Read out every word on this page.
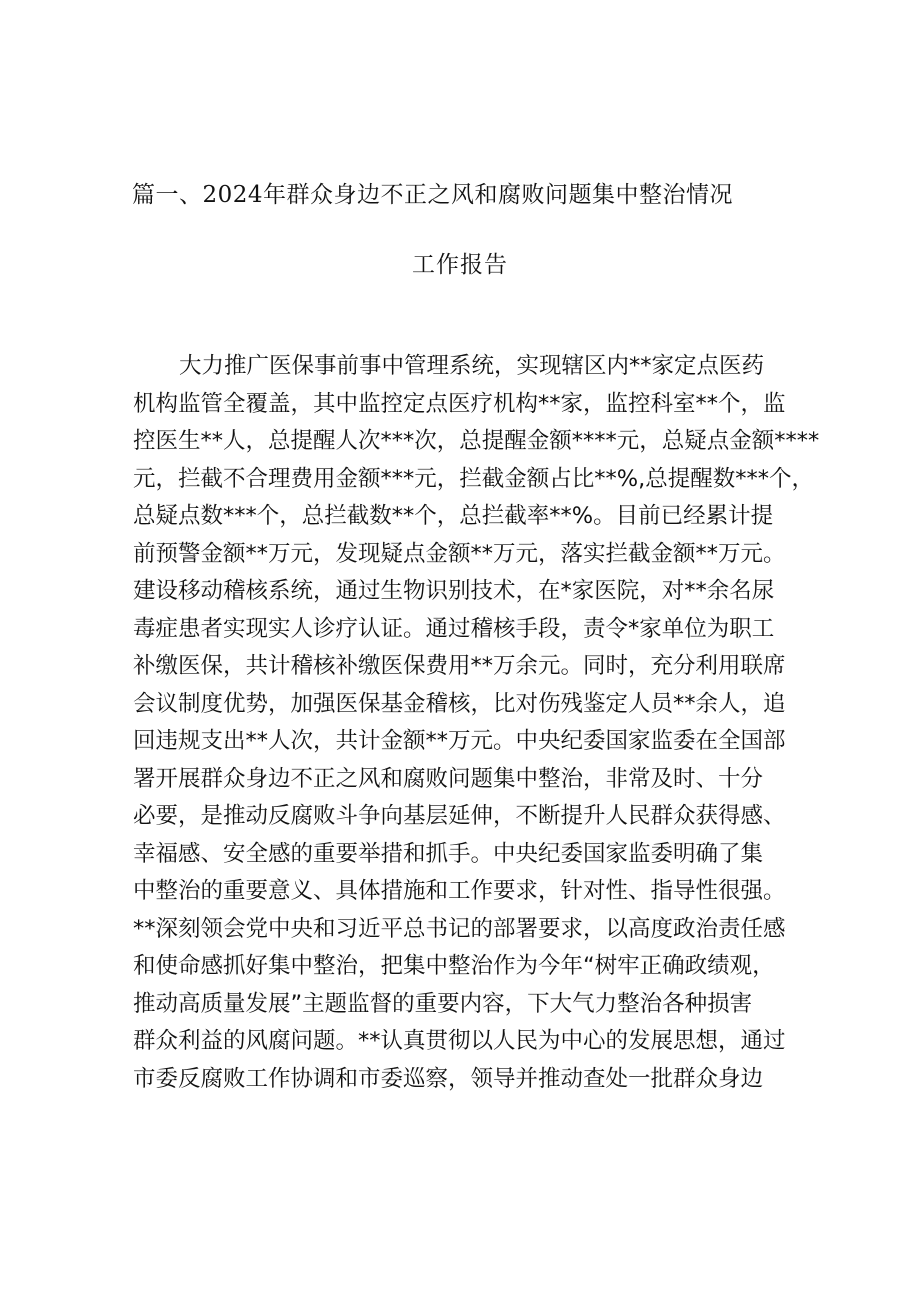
篇一、2024年群众身边不正之风和腐败问题集中整治情况
工作报告
大力推广医保事前事中管理系统，实现辖区内**家定点医药
机构监管全覆盖，其中监控定点医疗机构**家，监控科室**个，监
控医生**人，总提醒人次***次，总提醒金额****元，总疑点金额****
元，拦截不合理费用金额***元，拦截金额占比**%,总提醒数***个，
总疑点数***个，总拦截数**个，总拦截率**%。目前已经累计提
前预警金额**万元，发现疑点金额**万元，落实拦截金额**万元。
建设移动稽核系统，通过生物识别技术，在*家医院，对**余名尿
毒症患者实现实人诊疗认证。通过稽核手段，责令*家单位为职工
补缴医保，共计稽核补缴医保费用**万余元。同时，充分利用联席
会议制度优势，加强医保基金稽核，比对伤残鉴定人员**余人，追
回违规支出**人次，共计金额**万元。中央纪委国家监委在全国部
署开展群众身边不正之风和腐败问题集中整治，非常及时、十分
必要，是推动反腐败斗争向基层延伸，不断提升人民群众获得感、
幸福感、安全感的重要举措和抓手。中央纪委国家监委明确了集
中整治的重要意义、具体措施和工作要求，针对性、指导性很强。
**深刻领会党中央和习近平总书记的部署要求，以高度政治责任感
和使命感抓好集中整治，把集中整治作为今年“树牢正确政绩观，
推动高质量发展”主题监督的重要内容，下大气力整治各种损害
群众利益的风腐问题。**认真贯彻以人民为中心的发展思想，通过
市委反腐败工作协调和市委巡察，领导并推动查处一批群众身边
